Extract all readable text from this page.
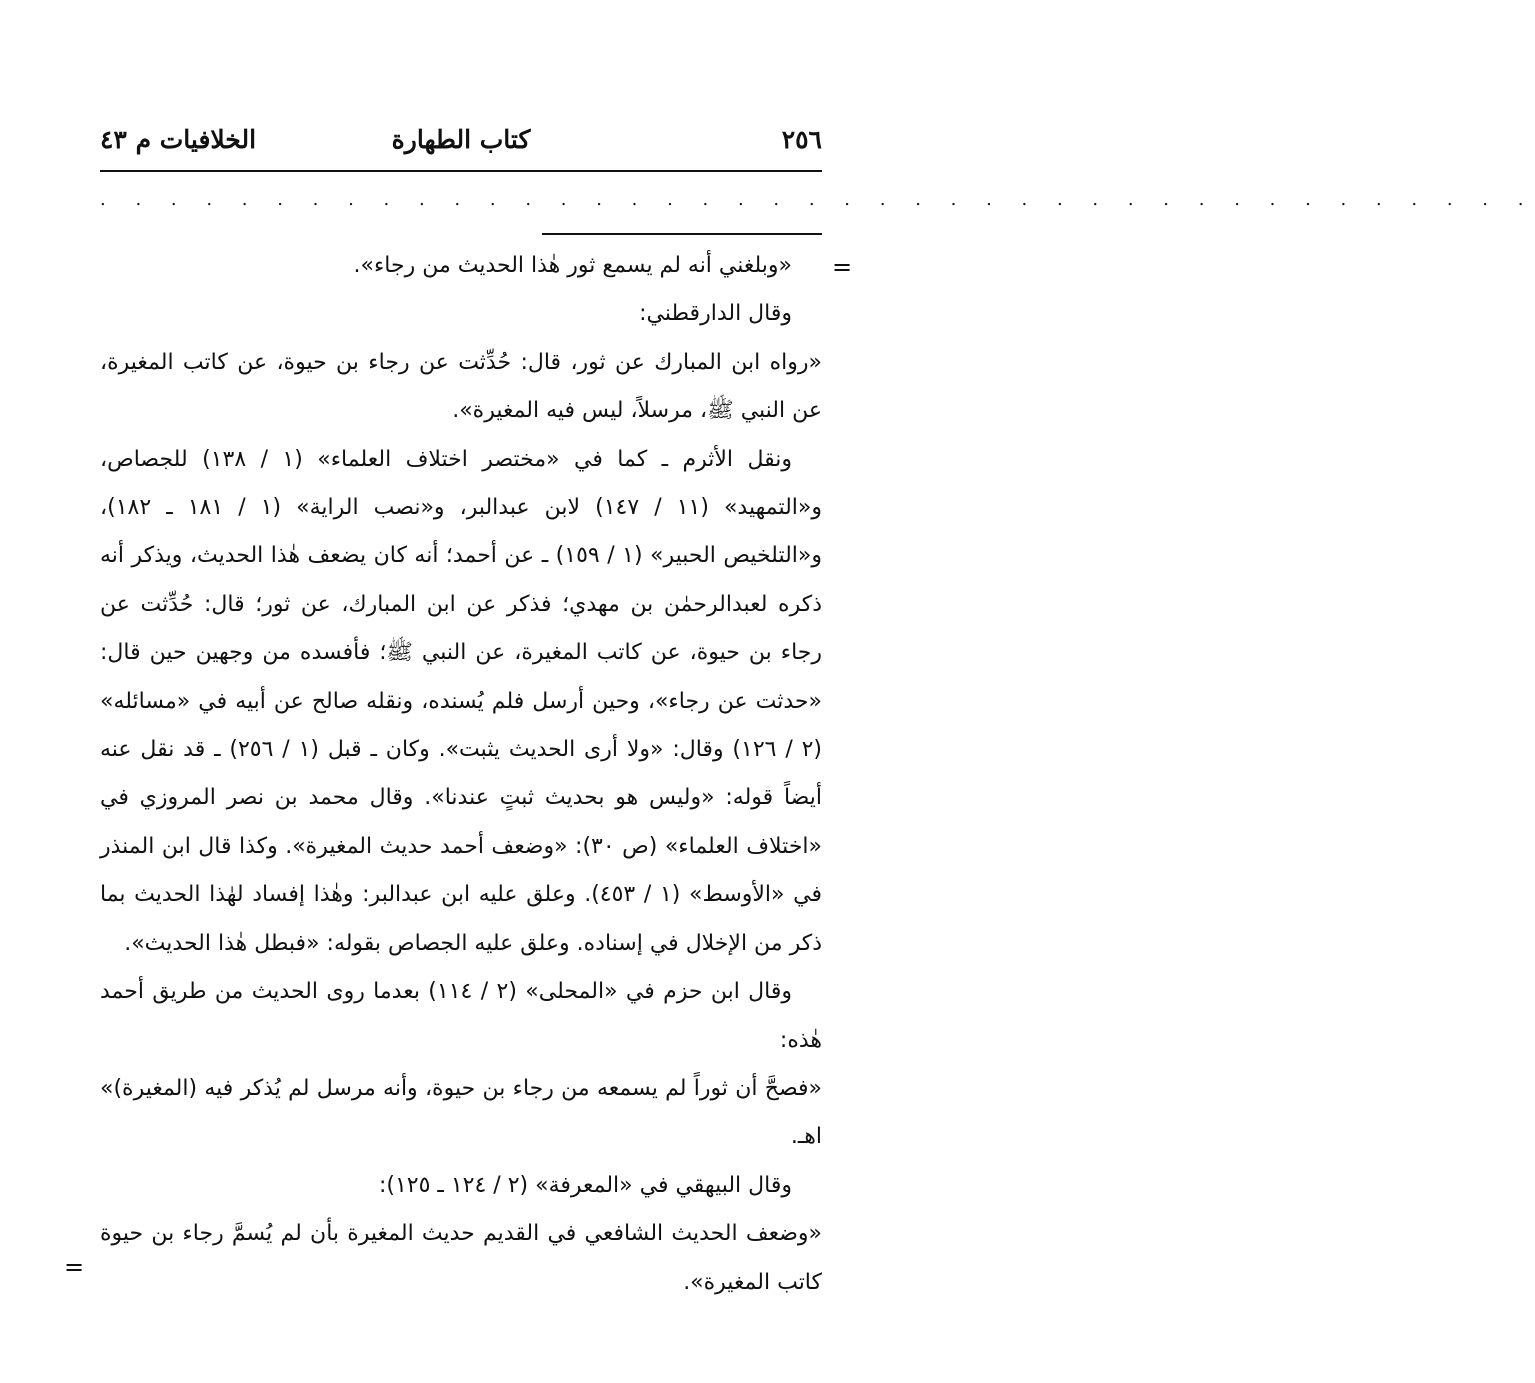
٢٥٦
كتاب الطهارة
الخلافيات م ٤٣
. . . . . . . . . . . . . . . . . . . . . . . . . . . . . . . . . . . . . . . . .
=

«وبلغني أنه لم يسمع ثور هٰذا الحديث من رجاء».

وقال الدارقطني:

«رواه ابن المبارك عن ثور، قال: حُدِّثت عن رجاء بن حيوة، عن كاتب المغيرة، عن النبي ﷺ، مرسلاً، ليس فيه المغيرة».

ونقل الأثرم ـ كما في «مختصر اختلاف العلماء» (١ / ١٣٨) للجصاص، و«التمهيد» (١١ / ١٤٧) لابن عبدالبر، و«نصب الراية» (١ / ١٨١ ـ ١٨٢)، و«التلخيص الحبير» (١ / ١٥٩) ـ عن أحمد؛ أنه كان يضعف هٰذا الحديث، ويذكر أنه ذكره لعبدالرحمٰن بن مهدي؛ فذكر عن ابن المبارك، عن ثور؛ قال: حُدِّثت عن رجاء بن حيوة، عن كاتب المغيرة، عن النبي ﷺ؛ فأفسده من وجهين حين قال: «حدثت عن رجاء»، وحين أرسل فلم يُسنده، ونقله صالح عن أبيه في «مسائله» (٢ / ١٢٦) وقال: «ولا أرى الحديث يثبت». وكان ـ قبل (١ / ٢٥٦) ـ قد نقل عنه أيضاً قوله: «وليس هو بحديث ثبتٍ عندنا». وقال محمد بن نصر المروزي في «اختلاف العلماء» (ص ٣٠): «وضعف أحمد حديث المغيرة». وكذا قال ابن المنذر في «الأوسط» (١ / ٤٥٣). وعلق عليه ابن عبدالبر: وهٰذا إفساد لهٰذا الحديث بما ذكر من الإخلال في إسناده. وعلق عليه الجصاص بقوله: «فبطل هٰذا الحديث».

وقال ابن حزم في «المحلى» (٢ / ١١٤) بعدما روى الحديث من طريق أحمد هٰذه:

«فصحَّ أن ثوراً لم يسمعه من رجاء بن حيوة، وأنه مرسل لم يُذكر فيه (المغيرة)» اهـ.

وقال البيهقي في «المعرفة» (٢ / ١٢٤ ـ ١٢٥):

«وضعف الحديث الشافعي في القديم حديث المغيرة بأن لم يُسمَّ رجاء بن حيوة كاتب المغيرة».

=
